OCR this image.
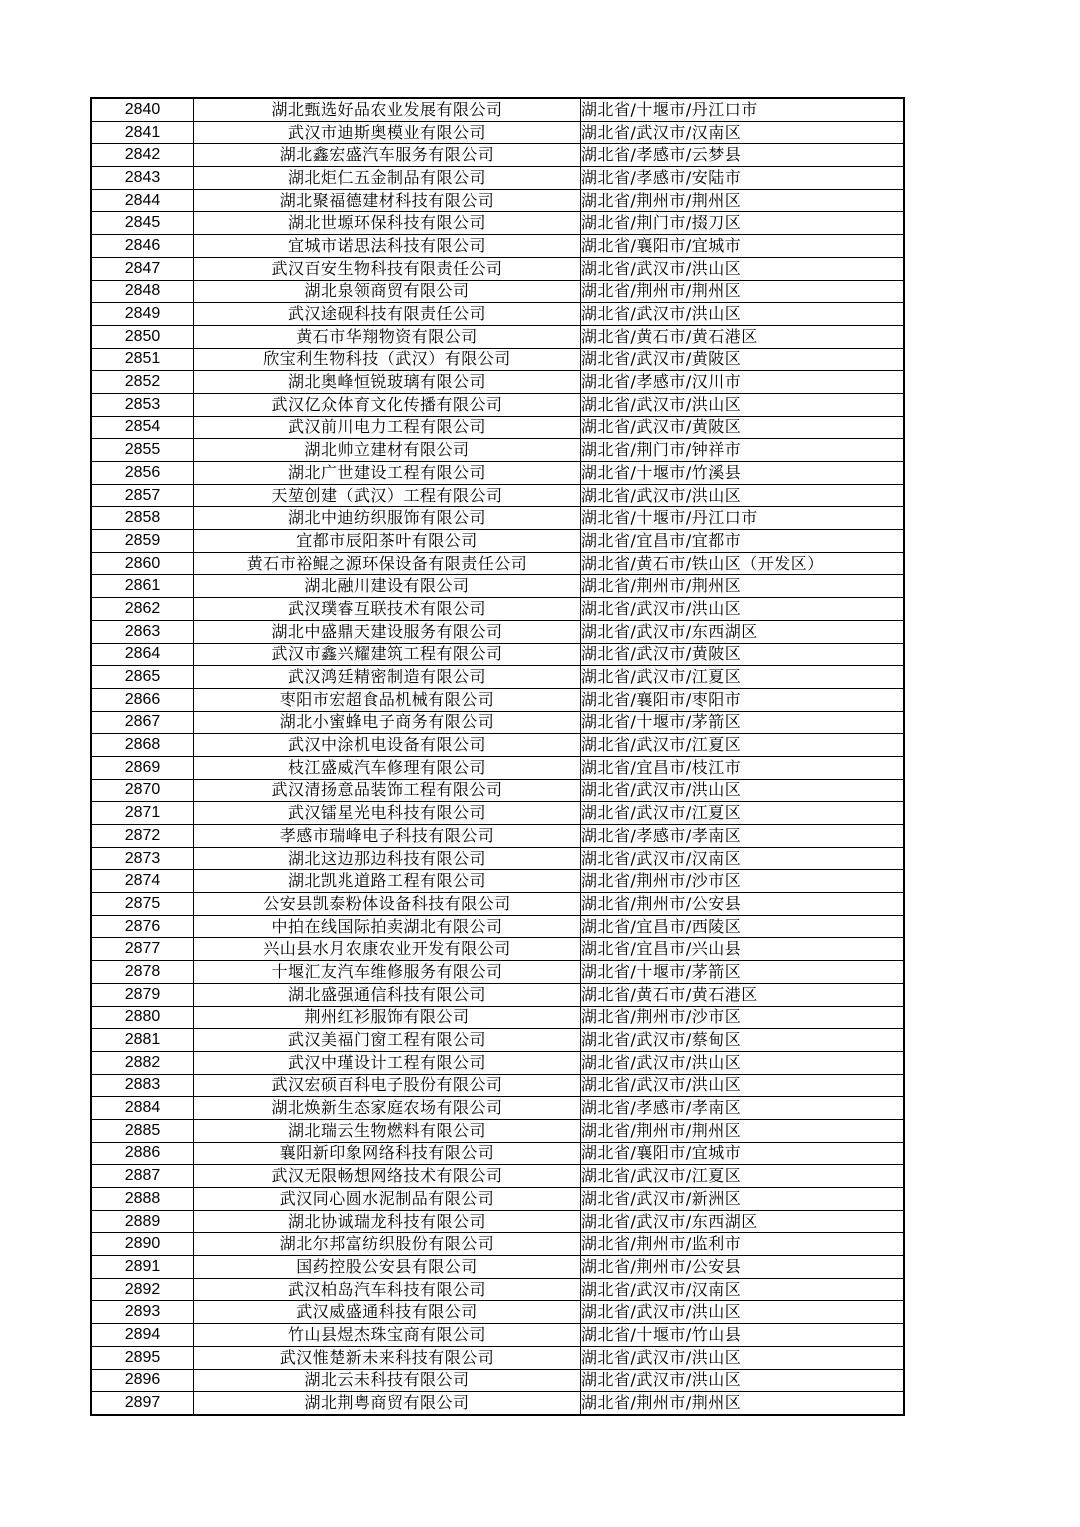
2840	湖北甄选好品农业发展有限公司	湖北省/十堰市/丹江口市
2841	武汉市迪斯奥模业有限公司	湖北省/武汉市/汉南区
2842	湖北鑫宏盛汽车服务有限公司	湖北省/孝感市/云梦县
2843	湖北炬仁五金制品有限公司	湖北省/孝感市/安陆市
2844	湖北聚福德建材科技有限公司	湖北省/荆州市/荆州区
2845	湖北世塬环保科技有限公司	湖北省/荆门市/掇刀区
2846	宜城市诺思法科技有限公司	湖北省/襄阳市/宜城市
2847	武汉百安生物科技有限责任公司	湖北省/武汉市/洪山区
2848	湖北泉领商贸有限公司	湖北省/荆州市/荆州区
2849	武汉途砚科技有限责任公司	湖北省/武汉市/洪山区
2850	黄石市华翔物资有限公司	湖北省/黄石市/黄石港区
2851	欣宝利生物科技（武汉）有限公司	湖北省/武汉市/黄陂区
2852	湖北奥峰恒锐玻璃有限公司	湖北省/孝感市/汉川市
2853	武汉亿众体育文化传播有限公司	湖北省/武汉市/洪山区
2854	武汉前川电力工程有限公司	湖北省/武汉市/黄陂区
2855	湖北帅立建材有限公司	湖北省/荆门市/钟祥市
2856	湖北广世建设工程有限公司	湖北省/十堰市/竹溪县
2857	天堃创建（武汉）工程有限公司	湖北省/武汉市/洪山区
2858	湖北中迪纺织服饰有限公司	湖北省/十堰市/丹江口市
2859	宜都市辰阳茶叶有限公司	湖北省/宜昌市/宜都市
2860	黄石市裕鲲之源环保设备有限责任公司	湖北省/黄石市/铁山区（开发区）
2861	湖北融川建设有限公司	湖北省/荆州市/荆州区
2862	武汉璞睿互联技术有限公司	湖北省/武汉市/洪山区
2863	湖北中盛鼎天建设服务有限公司	湖北省/武汉市/东西湖区
2864	武汉市鑫兴耀建筑工程有限公司	湖北省/武汉市/黄陂区
2865	武汉鸿廷精密制造有限公司	湖北省/武汉市/江夏区
2866	枣阳市宏超食品机械有限公司	湖北省/襄阳市/枣阳市
2867	湖北小蜜蜂电子商务有限公司	湖北省/十堰市/茅箭区
2868	武汉中涂机电设备有限公司	湖北省/武汉市/江夏区
2869	枝江盛威汽车修理有限公司	湖北省/宜昌市/枝江市
2870	武汉清扬意品装饰工程有限公司	湖北省/武汉市/洪山区
2871	武汉镭星光电科技有限公司	湖北省/武汉市/江夏区
2872	孝感市瑞峰电子科技有限公司	湖北省/孝感市/孝南区
2873	湖北这边那边科技有限公司	湖北省/武汉市/汉南区
2874	湖北凯兆道路工程有限公司	湖北省/荆州市/沙市区
2875	公安县凯泰粉体设备科技有限公司	湖北省/荆州市/公安县
2876	中拍在线国际拍卖湖北有限公司	湖北省/宜昌市/西陵区
2877	兴山县水月农康农业开发有限公司	湖北省/宜昌市/兴山县
2878	十堰汇友汽车维修服务有限公司	湖北省/十堰市/茅箭区
2879	湖北盛强通信科技有限公司	湖北省/黄石市/黄石港区
2880	荆州红衫服饰有限公司	湖北省/荆州市/沙市区
2881	武汉美福门窗工程有限公司	湖北省/武汉市/蔡甸区
2882	武汉中瑾设计工程有限公司	湖北省/武汉市/洪山区
2883	武汉宏硕百科电子股份有限公司	湖北省/武汉市/洪山区
2884	湖北焕新生态家庭农场有限公司	湖北省/孝感市/孝南区
2885	湖北瑞云生物燃料有限公司	湖北省/荆州市/荆州区
2886	襄阳新印象网络科技有限公司	湖北省/襄阳市/宜城市
2887	武汉无限畅想网络技术有限公司	湖北省/武汉市/江夏区
2888	武汉同心圆水泥制品有限公司	湖北省/武汉市/新洲区
2889	湖北协诚瑞龙科技有限公司	湖北省/武汉市/东西湖区
2890	湖北尔邦富纺织股份有限公司	湖北省/荆州市/监利市
2891	国药控股公安县有限公司	湖北省/荆州市/公安县
2892	武汉柏岛汽车科技有限公司	湖北省/武汉市/汉南区
2893	武汉威盛通科技有限公司	湖北省/武汉市/洪山区
2894	竹山县煜杰珠宝商有限公司	湖北省/十堰市/竹山县
2895	武汉惟楚新未来科技有限公司	湖北省/武汉市/洪山区
2896	湖北云未科技有限公司	湖北省/武汉市/洪山区
2897	湖北荆粤商贸有限公司	湖北省/荆州市/荆州区
